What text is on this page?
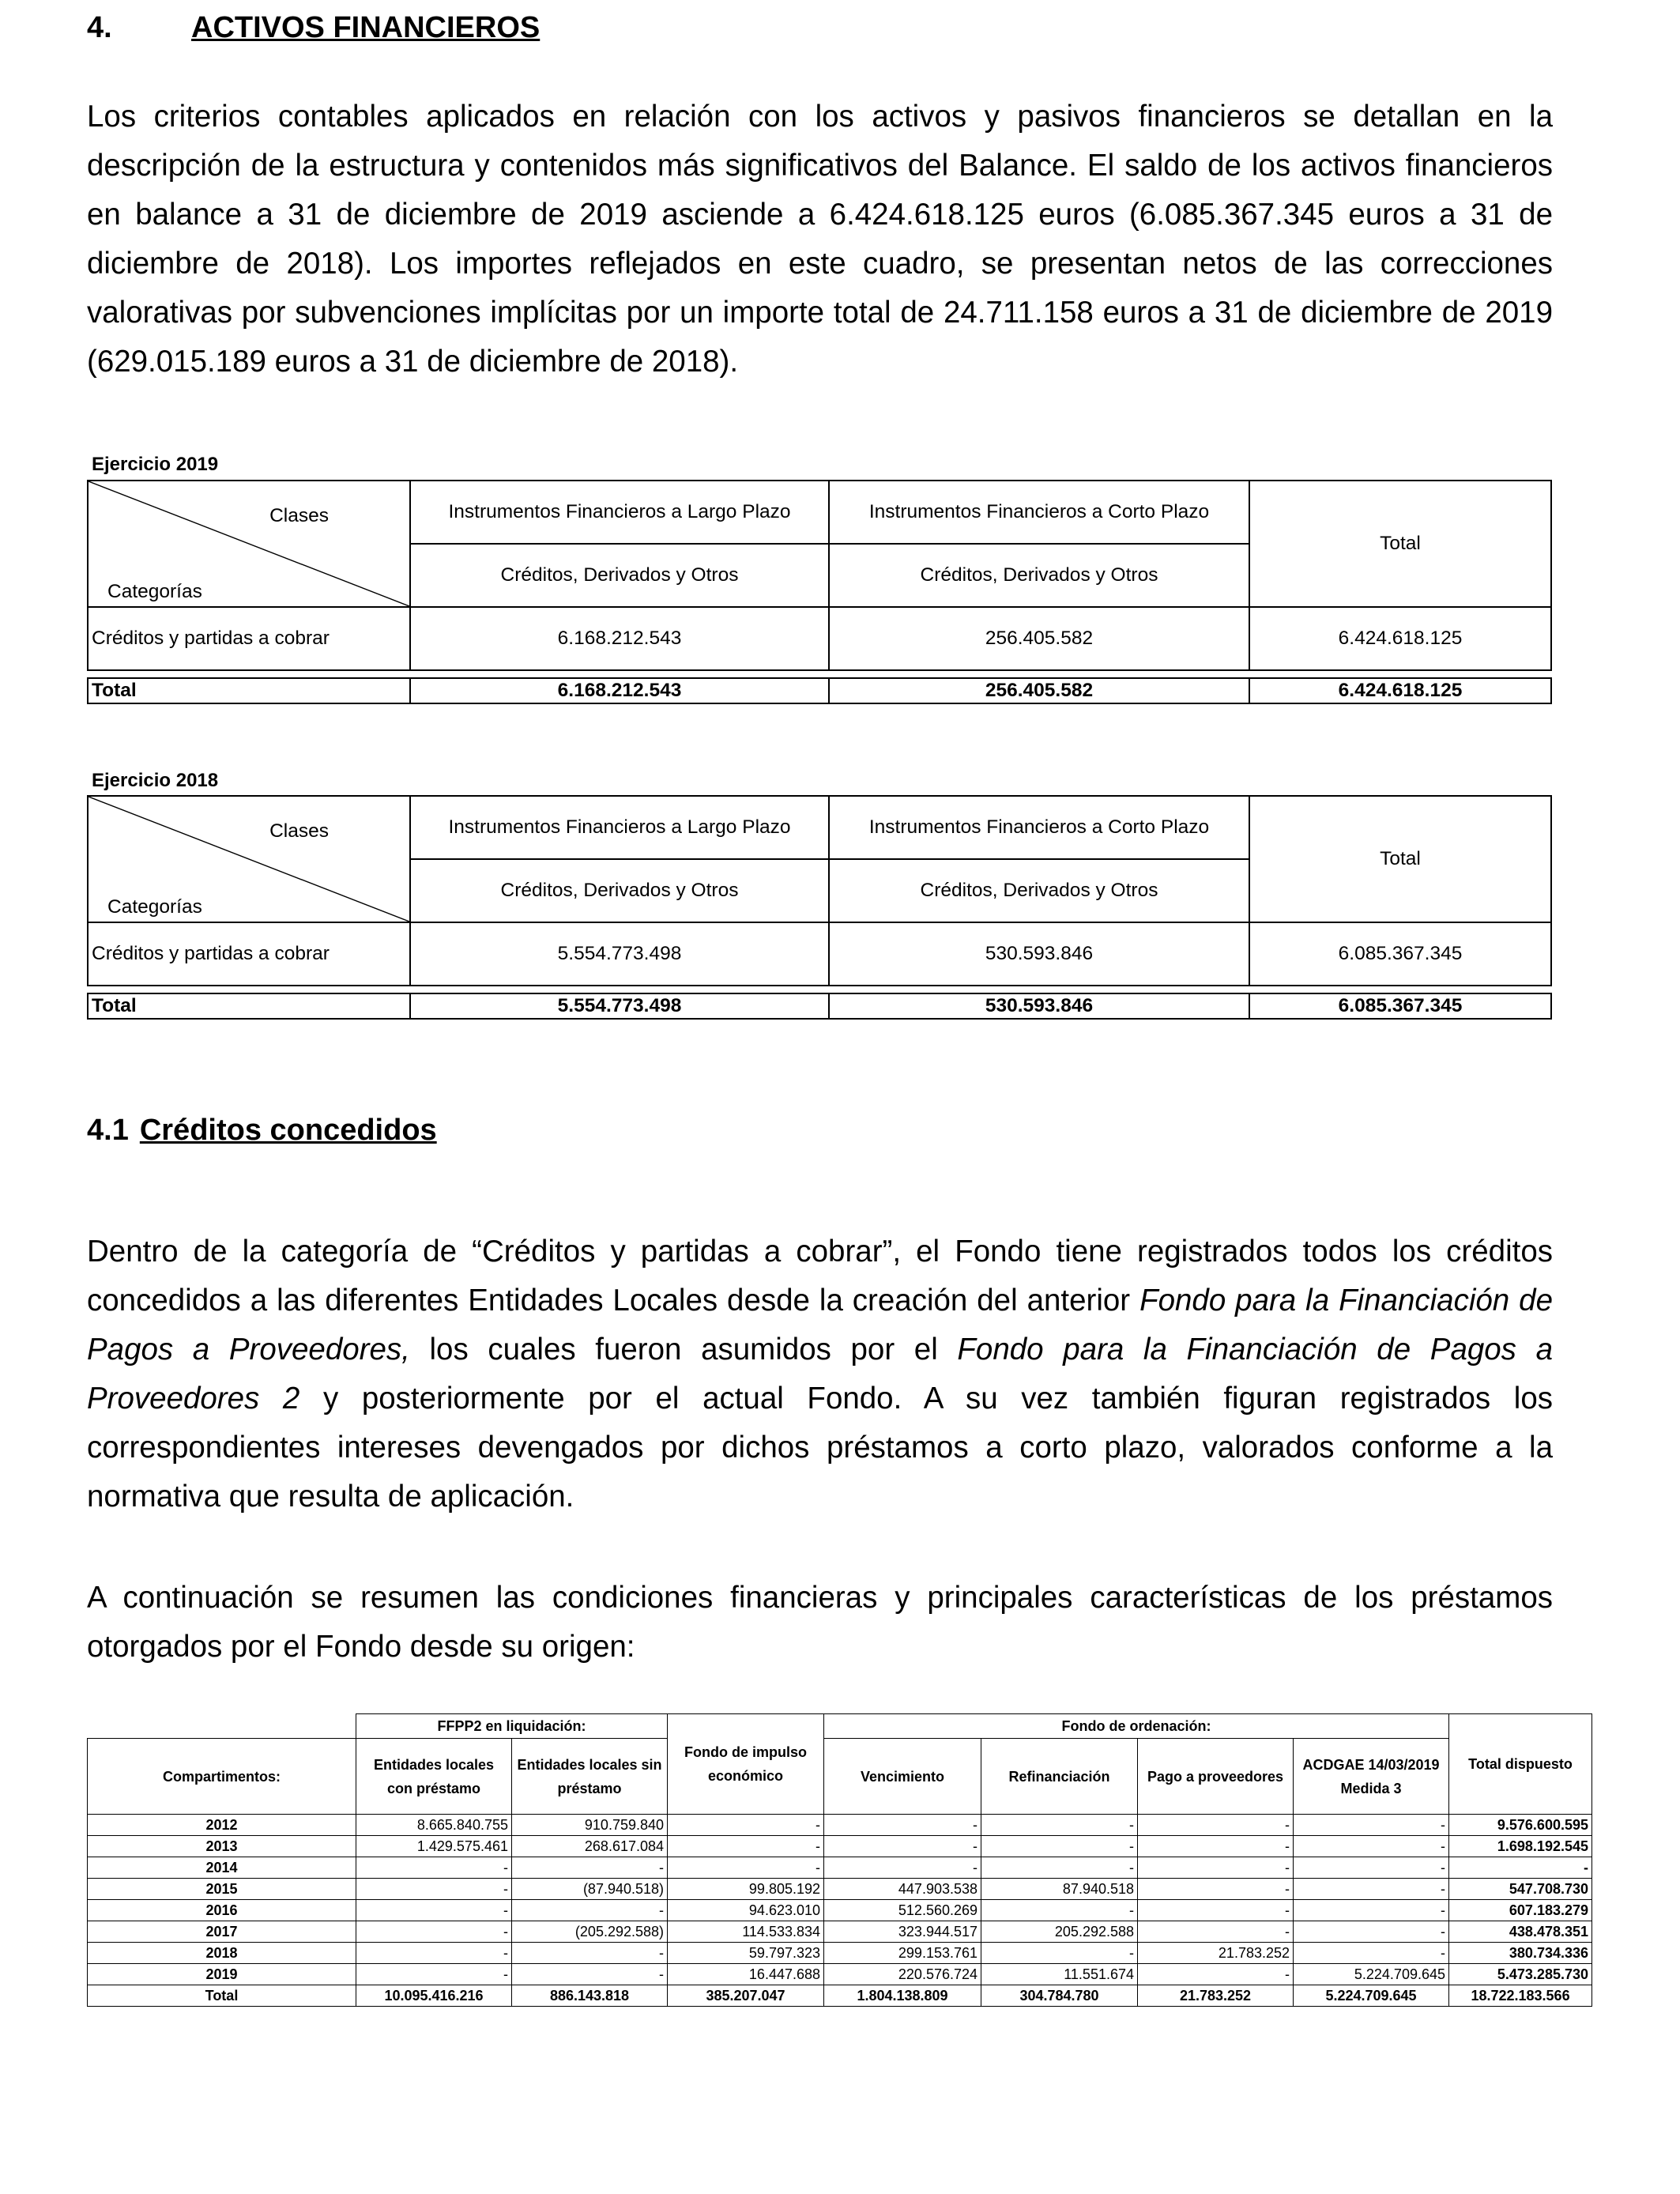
4.	ACTIVOS FINANCIEROS
Los criterios contables aplicados en relación con los activos y pasivos financieros se detallan en la descripción de la estructura y contenidos más significativos del Balance. El saldo de los activos financieros en balance a 31 de diciembre de 2019 asciende a 6.424.618.125 euros (6.085.367.345 euros a 31 de diciembre de 2018). Los importes reflejados en este cuadro, se presentan netos de las correcciones valorativas por subvenciones implícitas por un importe total de 24.711.158 euros a 31 de diciembre de 2019 (629.015.189 euros a 31 de diciembre de 2018).
Ejercicio 2019
Clases
Categorías	Instrumentos Financieros a Largo Plazo	Instrumentos Financieros a Corto Plazo	Total
	Créditos, Derivados y Otros	Créditos, Derivados y Otros	
Créditos y partidas a cobrar	6.168.212.543	256.405.582	6.424.618.125

Total	6.168.212.543	256.405.582	6.424.618.125
Ejercicio 2018
Clases
Categorías	Instrumentos Financieros a Largo Plazo	Instrumentos Financieros a Corto Plazo	Total
	Créditos, Derivados y Otros	Créditos, Derivados y Otros	
Créditos y partidas a cobrar	5.554.773.498	530.593.846	6.085.367.345

Total	5.554.773.498	530.593.846	6.085.367.345
4.1 Créditos concedidos
Dentro de la categoría de “Créditos y partidas a cobrar”, el Fondo tiene registrados todos los créditos concedidos a las diferentes Entidades Locales desde la creación del anterior Fondo para la Financiación de Pagos a Proveedores, los cuales fueron asumidos por el Fondo para la Financiación de Pagos a Proveedores 2 y posteriormente por el actual Fondo. A su vez también figuran registrados los correspondientes intereses devengados por dichos préstamos a corto plazo, valorados conforme a la normativa que resulta de aplicación.
A continuación se resumen las condiciones financieras y principales características de los préstamos otorgados por el Fondo desde su origen:
	FFPP2 en liquidación:		Fondo de impulso económico	Fondo de ordenación:				Total dispuesto
Compartimentos:	Entidades locales con préstamo	Entidades locales sin préstamo		Vencimiento	Refinanciación	Pago a proveedores	ACDGAE 14/03/2019 Medida 3	
2012	8.665.840.755	910.759.840	-	-	-	-	-	9.576.600.595
2013	1.429.575.461	268.617.084	-	-	-	-	-	1.698.192.545
2014	-	-	-	-	-	-	-	-
2015	-	(87.940.518)	99.805.192	447.903.538	87.940.518	-	-	547.708.730
2016	-	-	94.623.010	512.560.269	-	-	-	607.183.279
2017	-	(205.292.588)	114.533.834	323.944.517	205.292.588	-	-	438.478.351
2018	-	-	59.797.323	299.153.761	-	21.783.252	-	380.734.336
2019	-	-	16.447.688	220.576.724	11.551.674	-	5.224.709.645	5.473.285.730
Total	10.095.416.216	886.143.818	385.207.047	1.804.138.809	304.784.780	21.783.252	5.224.709.645	18.722.183.566
